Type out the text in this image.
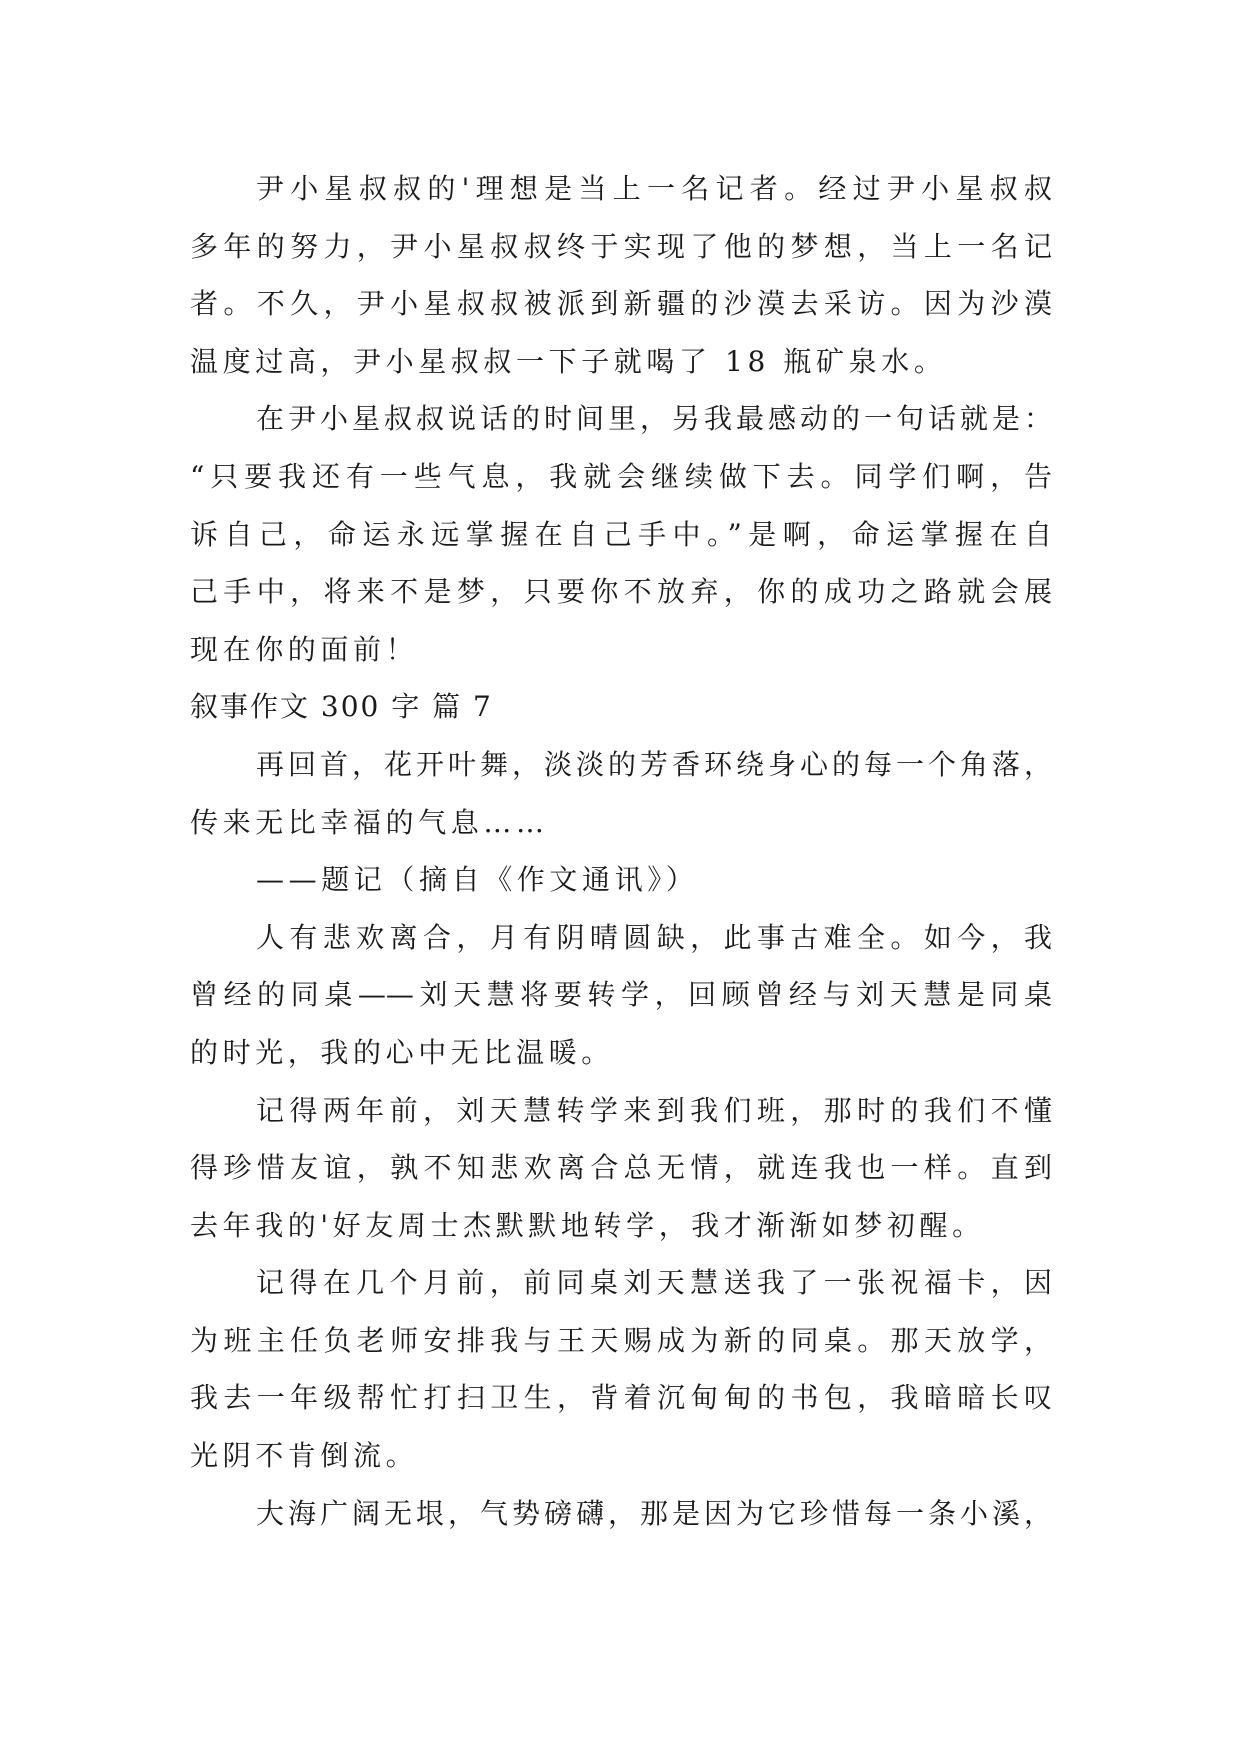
尹小星叔叔的'理想是当上一名记者。经过尹小星叔叔
多年的努力，尹小星叔叔终于实现了他的梦想，当上一名记
者。不久，尹小星叔叔被派到新疆的沙漠去采访。因为沙漠
温度过高，尹小星叔叔一下子就喝了 18 瓶矿泉水。
在尹小星叔叔说话的时间里，另我最感动的一句话就是：
“只要我还有一些气息，我就会继续做下去。同学们啊，告
诉自己，命运永远掌握在自己手中。”是啊，命运掌握在自
己手中，将来不是梦，只要你不放弃，你的成功之路就会展
现在你的面前！
叙事作文 300 字 篇 7
再回首，花开叶舞，淡淡的芳香环绕身心的每一个角落，
传来无比幸福的气息……
——题记（摘自《作文通讯》）
人有悲欢离合，月有阴晴圆缺，此事古难全。如今，我
曾经的同桌——刘天慧将要转学，回顾曾经与刘天慧是同桌
的时光，我的心中无比温暖。
记得两年前，刘天慧转学来到我们班，那时的我们不懂
得珍惜友谊，孰不知悲欢离合总无情，就连我也一样。直到
去年我的'好友周士杰默默地转学，我才渐渐如梦初醒。
记得在几个月前，前同桌刘天慧送我了一张祝福卡，因
为班主任负老师安排我与王天赐成为新的同桌。那天放学，
我去一年级帮忙打扫卫生，背着沉甸甸的书包，我暗暗长叹
光阴不肯倒流。
大海广阔无垠，气势磅礴，那是因为它珍惜每一条小溪，
